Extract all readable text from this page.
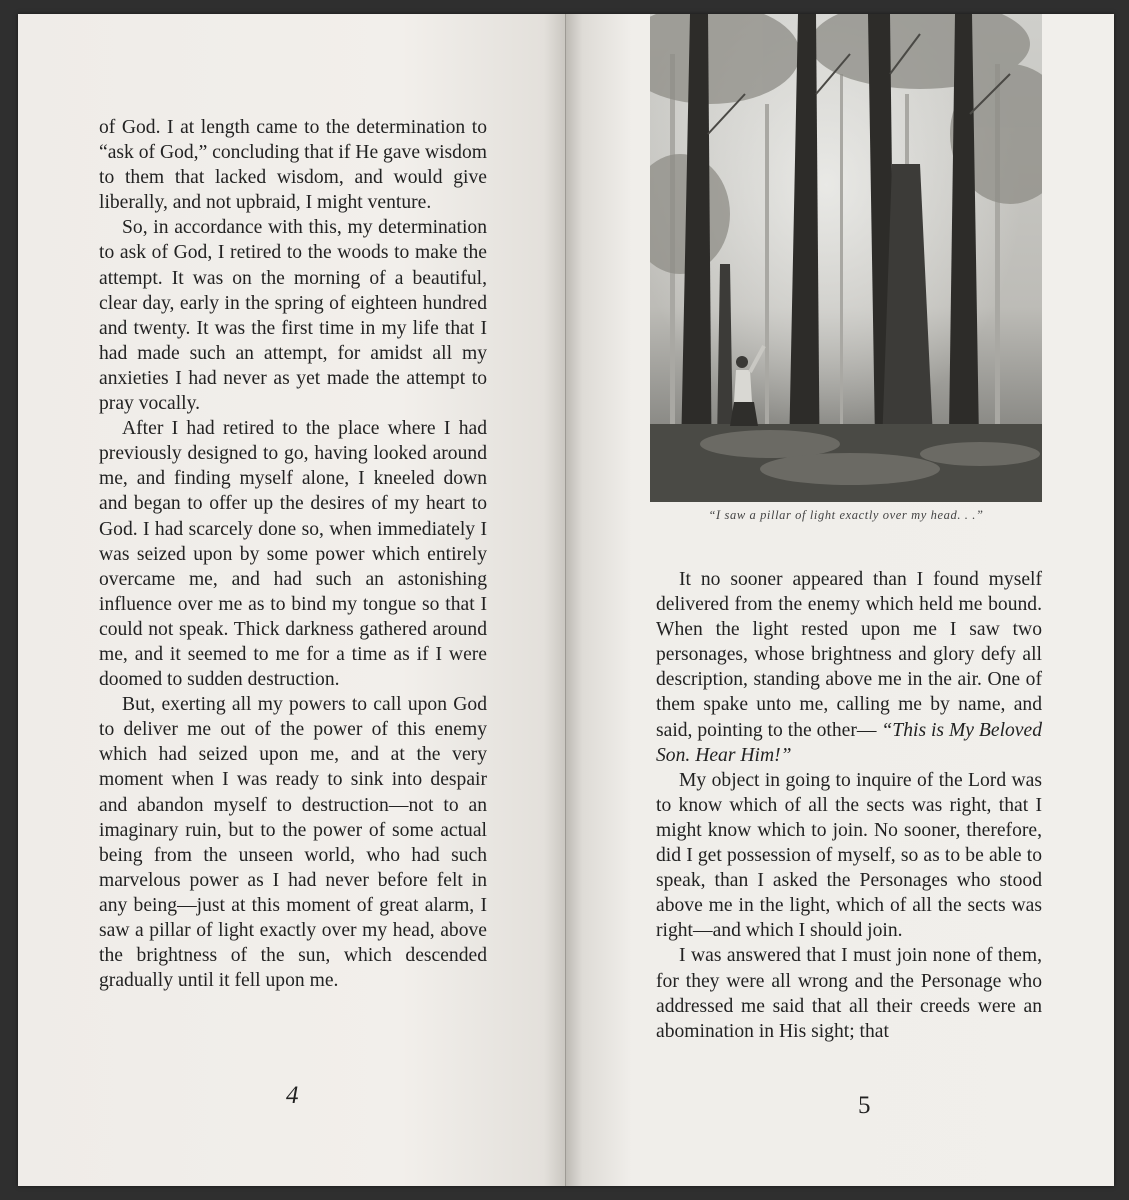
of God. I at length came to the determination to “ask of God,” concluding that if He gave wisdom to them that lacked wisdom, and would give liberally, and not upbraid, I might venture.

So, in accordance with this, my determination to ask of God, I retired to the woods to make the attempt. It was on the morning of a beautiful, clear day, early in the spring of eighteen hundred and twenty. It was the first time in my life that I had made such an attempt, for amidst all my anxieties I had never as yet made the attempt to pray vocally.

After I had retired to the place where I had previously designed to go, having looked around me, and finding myself alone, I kneeled down and began to offer up the desires of my heart to God. I had scarcely done so, when immediately I was seized upon by some power which entirely overcame me, and had such an astonishing influence over me as to bind my tongue so that I could not speak. Thick darkness gathered around me, and it seemed to me for a time as if I were doomed to sudden destruction.

But, exerting all my powers to call upon God to deliver me out of the power of this enemy which had seized upon me, and at the very moment when I was ready to sink into despair and abandon myself to destruction—not to an imaginary ruin, but to the power of some actual being from the unseen world, who had such marvelous power as I had never before felt in any being—just at this moment of great alarm, I saw a pillar of light exactly over my head, above the brightness of the sun, which descended gradually until it fell upon me.

4
“I saw a pillar of light exactly over my head. . .”

It no sooner appeared than I found myself delivered from the enemy which held me bound. When the light rested upon me I saw two personages, whose brightness and glory defy all description, standing above me in the air. One of them spake unto me, calling me by name, and said, pointing to the other— “This is My Beloved Son. Hear Him!”

My object in going to inquire of the Lord was to know which of all the sects was right, that I might know which to join. No sooner, therefore, did I get possession of myself, so as to be able to speak, than I asked the Personages who stood above me in the light, which of all the sects was right—and which I should join.

I was answered that I must join none of them, for they were all wrong and the Personage who addressed me said that all their creeds were an abomination in His sight; that

5
